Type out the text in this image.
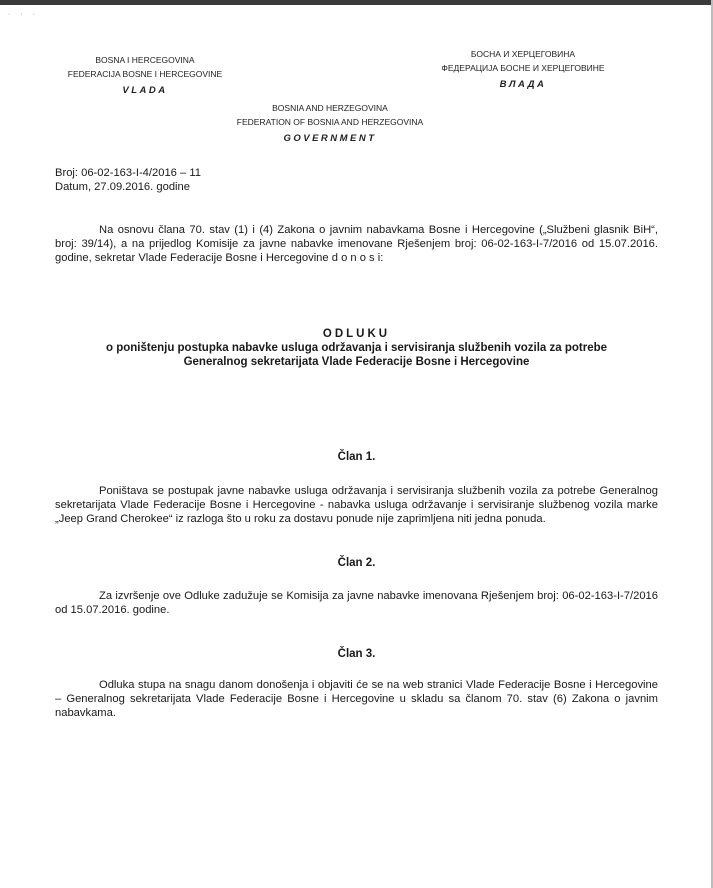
···
BOSNA I HERCEGOVINA
FEDERACIJA BOSNE I HERCEGOVINE
VLADA
БОСНА И ХЕРЦЕГОВИНА
ФЕДЕРАЦИЈА БОСНЕ И ХЕРЦЕГОВИНЕ
ВЛАДА
BOSNIA AND HERZEGOVINA
FEDERATION OF BOSNIA AND HERZEGOVINA
GOVERNMENT
Broj: 06-02-163-I-4/2016 – 11
Datum, 27.09.2016. godine
Na osnovu člana 70. stav (1) i (4) Zakona o javnim nabavkama Bosne i Hercegovine („Službeni glasnik BiH“, broj: 39/14), a na prijedlog Komisije za javne nabavke imenovane Rješenjem broj: 06-02-163-I-7/2016 od 15.07.2016. godine, sekretar Vlade Federacije Bosne i Hercegovine d o n o s i:
ODLUKU
o poništenju postupka nabavke usluga održavanja i servisiranja službenih vozila za potrebe
Generalnog sekretarijata Vlade Federacije Bosne i Hercegovine
Član 1.
Poništava se postupak javne nabavke usluga održavanja i servisiranja službenih vozila za potrebe Generalnog sekretarijata Vlade Federacije Bosne i Hercegovine - nabavka usluga održavanje i servisiranje službenog vozila marke „Jeep Grand Cherokee“ iz razloga što u roku za dostavu ponude nije zaprimljena niti jedna ponuda.
Član 2.
Za izvršenje ove Odluke zadužuje se Komisija za javne nabavke imenovana Rješenjem broj: 06-02-163-I-7/2016 od 15.07.2016. godine.
Član 3.
Odluka stupa na snagu danom donošenja i objaviti će se na web stranici Vlade Federacije Bosne i Hercegovine – Generalnog sekretarijata Vlade Federacije Bosne i Hercegovine u skladu sa članom 70. stav (6) Zakona o javnim nabavkama.
